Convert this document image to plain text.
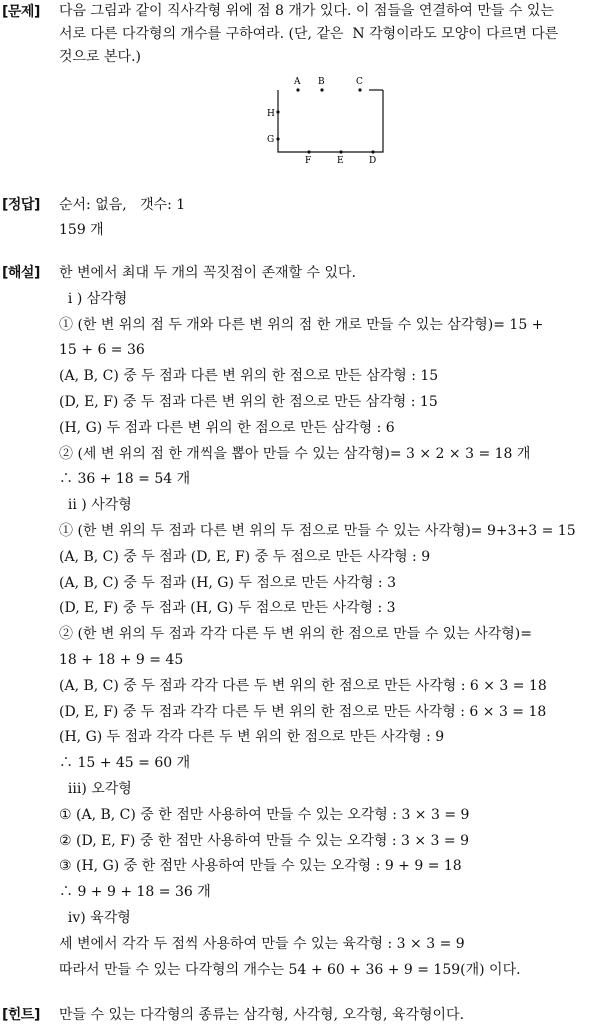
[문제] 다음 그림과 같이 직사각형 위에 점 8 개가 있다. 이 점들을 연결하여 만들 수 있는
서로 다른 다각형의 개수를 구하여라. (단, 같은  N 각형이라도 모양이 다르면 다른
것으로 본다.)
A B	C
H
G
F	E	D
[정답] 순서: 없음,   갯수: 1
159 개
[해설] 한 변에서 최대 두 개의 꼭짓점이 존재할 수 있다.
i ) 삼각형
① (한 변 위의 점 두 개와 다른 변 위의 점 한 개로 만들 수 있는 삼각형)= 15 +
15 + 6 = 36
(A, B, C) 중 두 점과 다른 변 위의 한 점으로 만든 삼각형 : 15
(D, E, F) 중 두 점과 다른 변 위의 한 점으로 만든 삼각형 : 15
(H, G) 두 점과 다른 변 위의 한 점으로 만든 삼각형 : 6
② (세 변 위의 점 한 개씩을 뽑아 만들 수 있는 삼각형)= 3 × 2 × 3 = 18 개
∴ 36 + 18 = 54 개
ii ) 사각형
① (한 변 위의 두 점과 다른 변 위의 두 점으로 만들 수 있는 사각형)= 9+3+3 = 15
(A, B, C) 중 두 점과 (D, E, F) 중 두 점으로 만든 사각형 : 9
(A, B, C) 중 두 점과 (H, G) 두 점으로 만든 사각형 : 3
(D, E, F) 중 두 점과 (H, G) 두 점으로 만든 사각형 : 3
② (한 변 위의 두 점과 각각 다른 두 변 위의 한 점으로 만들 수 있는 사각형)=
18 + 18 + 9 = 45
(A, B, C) 중 두 점과 각각 다른 두 변 위의 한 점으로 만든 사각형 : 6 × 3 = 18
(D, E, F) 중 두 점과 각각 다른 두 변 위의 한 점으로 만든 사각형 : 6 × 3 = 18
(H, G) 두 점과 각각 다른 두 변 위의 한 점으로 만든 사각형 : 9
∴ 15 + 45 = 60 개
iii) 오각형
① (A, B, C) 중 한 점만 사용하여 만들 수 있는 오각형 : 3 × 3 = 9
② (D, E, F) 중 한 점만 사용하여 만들 수 있는 오각형 : 3 × 3 = 9
③ (H, G) 중 한 점만 사용하여 만들 수 있는 오각형 : 9 + 9 = 18
∴ 9 + 9 + 18 = 36 개
iv) 육각형
세 변에서 각각 두 점씩 사용하여 만들 수 있는 육각형 : 3 × 3 = 9
따라서 만들 수 있는 다각형의 개수는 54 + 60 + 36 + 9 = 159(개) 이다.
[힌트] 만들 수 있는 다각형의 종류는 삼각형, 사각형, 오각형, 육각형이다.
